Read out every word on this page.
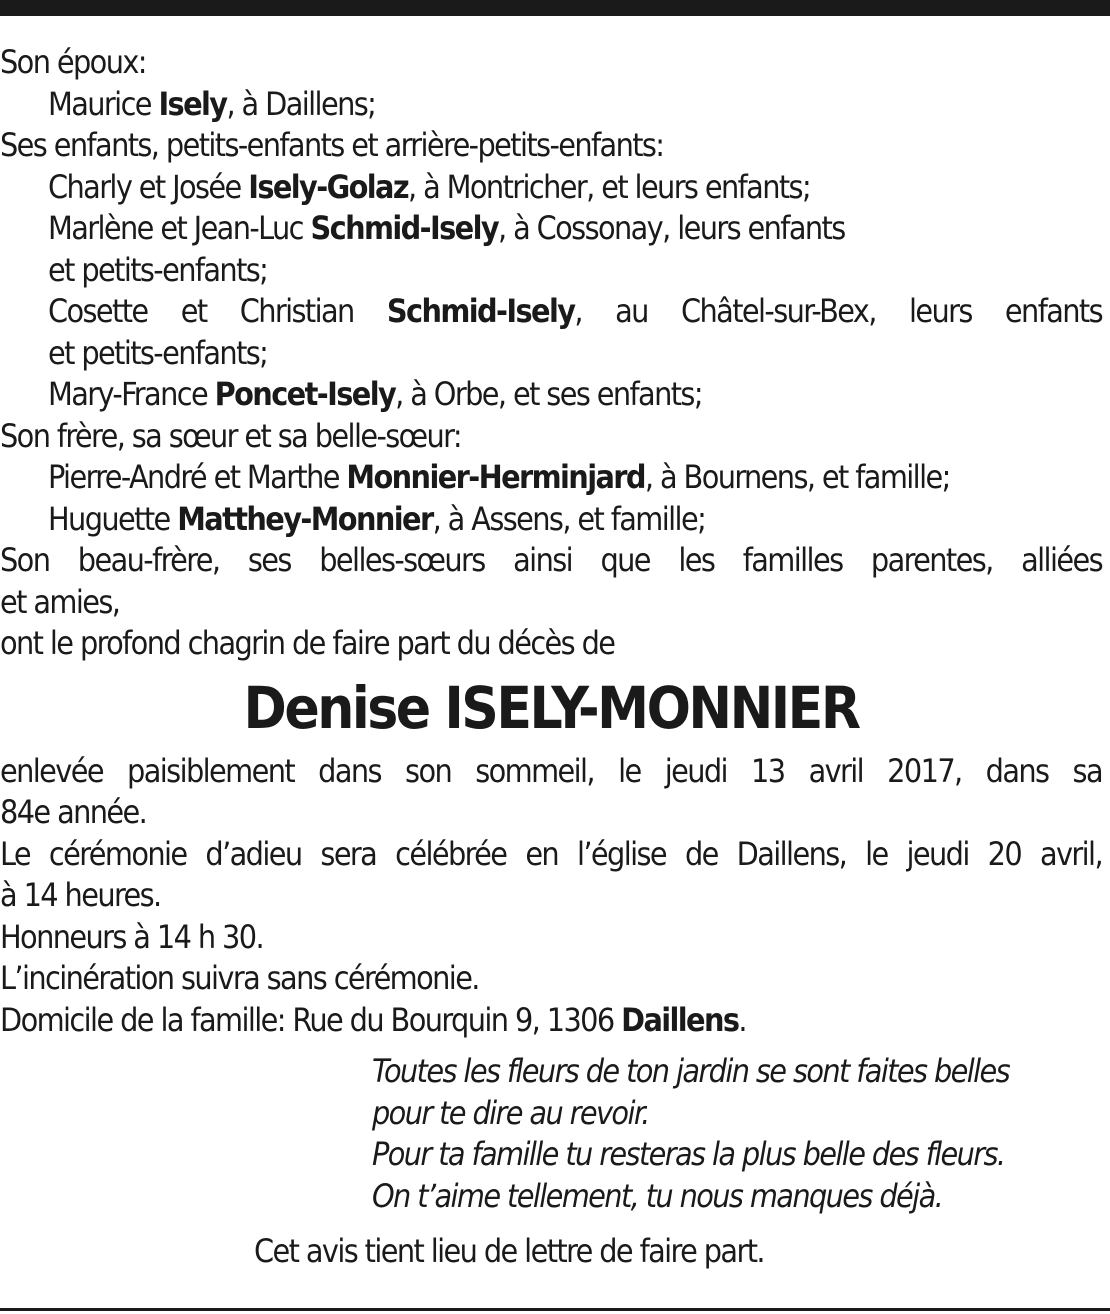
Son époux:
Maurice Isely, à Daillens;
Ses enfants, petits-enfants et arrière-petits-enfants:
Charly et Josée Isely-Golaz, à Montricher, et leurs enfants;
Marlène et Jean-Luc Schmid-Isely, à Cossonay, leurs enfants
et petits-enfants;
Cosette et Christian Schmid-Isely, au Châtel-sur-Bex, leurs enfants
et petits-enfants;
Mary-France Poncet-Isely, à Orbe, et ses enfants;
Son frère, sa sœur et sa belle-sœur:
Pierre-André et Marthe Monnier-Herminjard, à Bournens, et famille;
Huguette Matthey-Monnier, à Assens, et famille;
Son beau-frère, ses belles-sœurs ainsi que les familles parentes, alliées
et amies,
ont le profond chagrin de faire part du décès de
Denise ISELY-MONNIER
enlevée paisiblement dans son sommeil, le jeudi 13 avril 2017, dans sa
84e année.
Le cérémonie d’adieu sera célébrée en l’église de Daillens, le jeudi 20 avril,
à 14 heures.
Honneurs à 14 h 30.
L’incinération suivra sans cérémonie.
Domicile de la famille: Rue du Bourquin 9, 1306 Daillens.
Toutes les fleurs de ton jardin se sont faites belles
pour te dire au revoir.
Pour ta famille tu resteras la plus belle des fleurs.
On t’aime tellement, tu nous manques déjà.
Cet avis tient lieu de lettre de faire part.
